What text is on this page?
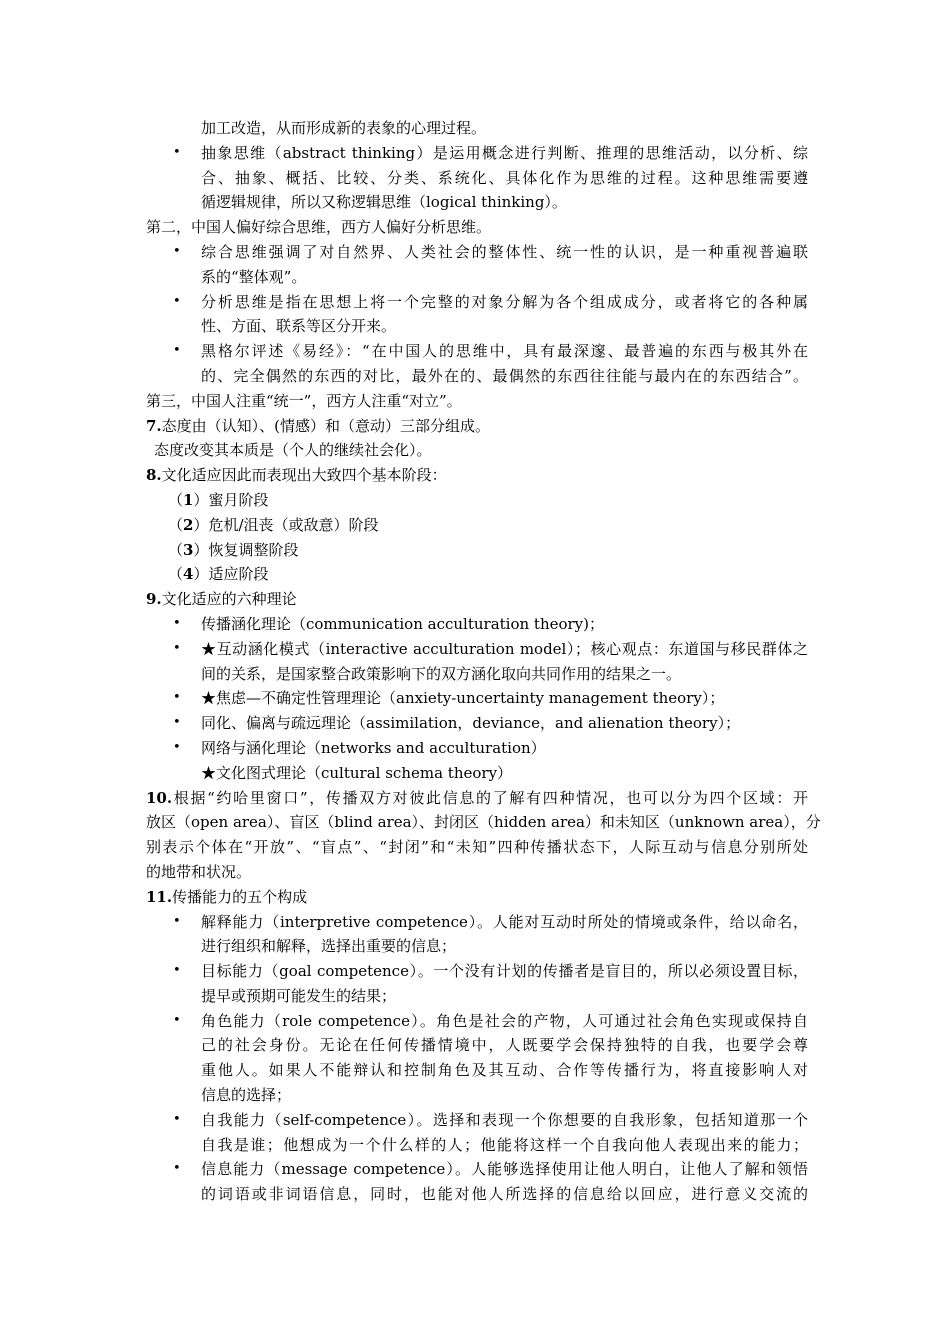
加工改造，从而形成新的表象的心理过程。

• 抽象思维（abstract thinking）是运用概念进行判断、推理的思维活动，以分析、综

合、抽象、概括、比较、分类、系统化、具体化作为思维的过程。这种思维需要遵

循逻辑规律，所以又称逻辑思维（logical thinking）。

第二，中国人偏好综合思维，西方人偏好分析思维。

• 综合思维强调了对自然界、人类社会的整体性、统一性的认识，是一种重视普遍联

系的“整体观”。

• 分析思维是指在思想上将一个完整的对象分解为各个组成成分，或者将它的各种属

性、方面、联系等区分开来。

• 黑格尔评述《易经》：“在中国人的思维中，具有最深邃、最普遍的东西与极其外在

的、完全偶然的东西的对比，最外在的、最偶然的东西往往能与最内在的东西结合”。

第三，中国人注重“统一”，西方人注重“对立”。

7.态度由（认知）、(情感）和（意动）三部分组成。

态度改变其本质是（个人的继续社会化）。

8.文化适应因此而表现出大致四个基本阶段：

（1）蜜月阶段

（2）危机/沮丧（或敌意）阶段

（3）恢复调整阶段

（4）适应阶段

9.文化适应的六种理论

• 传播涵化理论（communication acculturation theory)；

• ★互动涵化模式（interactive acculturation model）；核心观点：东道国与移民群体之

间的关系，是国家整合政策影响下的双方涵化取向共同作用的结果之一。

• ★焦虑—不确定性管理理论（anxiety-uncertainty management theory）；

• 同化、偏离与疏远理论（assimilation，deviance，and alienation theory）；

• 网络与涵化理论（networks and acculturation）

★文化图式理论（cultural schema theory）

10.根据“约哈里窗口”，传播双方对彼此信息的了解有四种情况，也可以分为四个区域：开

放区（open area）、盲区（blind area）、封闭区（hidden area）和未知区（unknown area），分

别表示个体在“开放”、“盲点”、“封闭”和“未知”四种传播状态下，人际互动与信息分别所处

的地带和状况。

11.传播能力的五个构成

• 解释能力（interpretive competence）。人能对互动时所处的情境或条件，给以命名，

进行组织和解释，选择出重要的信息；

• 目标能力（goal competence）。一个没有计划的传播者是盲目的，所以必须设置目标，

提早或预期可能发生的结果；

• 角色能力（role competence）。角色是社会的产物，人可通过社会角色实现或保持自

己的社会身份。无论在任何传播情境中，人既要学会保持独特的自我，也要学会尊

重他人。如果人不能辩认和控制角色及其互动、合作等传播行为，将直接影响人对

信息的选择；

• 自我能力（self-competence）。选择和表现一个你想要的自我形象，包括知道那一个

自我是谁；他想成为一个什么样的人；他能将这样一个自我向他人表现出来的能力；

• 信息能力（message competence）。人能够选择使用让他人明白，让他人了解和领悟

的词语或非词语信息，同时，也能对他人所选择的信息给以回应，进行意义交流的
